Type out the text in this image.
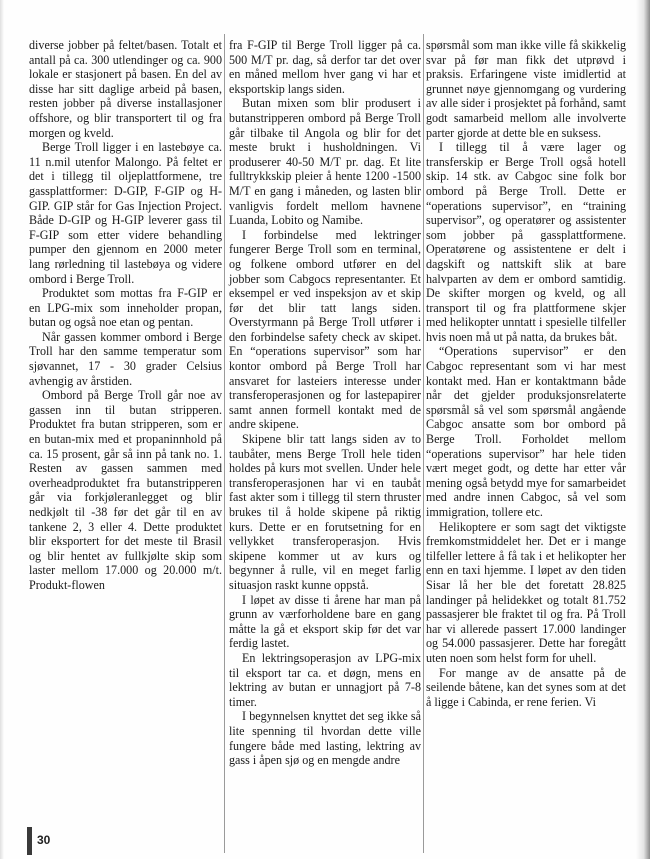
diverse jobber på feltet/basen. Totalt et antall på ca. 300 utlendinger og ca. 900 lokale er stasjonert på basen. En del av disse har sitt daglige arbeid på basen, resten jobber på diverse installasjoner offshore, og blir transportert til og fra morgen og kveld.

Berge Troll ligger i en lastebøye ca. 11 n.mil utenfor Malongo. På feltet er det i tillegg til oljeplattformene, tre gassplattformer: D-GIP, F-GIP og H-GIP. GIP står for Gas Injection Project. Både D-GIP og H-GIP leverer gass til F-GIP som etter videre behandling pumper den gjennom en 2000 meter lang rørledning til lastebøya og videre ombord i Berge Troll.

Produktet som mottas fra F-GIP er en LPG-mix som inneholder propan, butan og også noe etan og pentan.

Når gassen kommer ombord i Berge Troll har den samme temperatur som sjøvannet, 17 - 30 grader Celsius avhengig av årstiden.

Ombord på Berge Troll går noe av gassen inn til butan stripperen. Produktet fra butan stripperen, som er en butan-mix med et propaninnhold på ca. 15 prosent, går så inn på tank no. 1. Resten av gassen sammen med overheadproduktet fra butanstripperen går via forkjøleranlegget og blir nedkjølt til -38 før det går til en av tankene 2, 3 eller 4. Dette produktet blir eksportert for det meste til Brasil og blir hentet av fullkjølte skip som laster mellom 17.000 og 20.000 m/t. Produkt-flowen

fra F-GIP til Berge Troll ligger på ca. 500 M/T pr. dag, så derfor tar det over en måned mellom hver gang vi har et eksportskip langs siden.

Butan mixen som blir produsert i butanstripperen ombord på Berge Troll går tilbake til Angola og blir for det meste brukt i husholdningen. Vi produserer 40-50 M/T pr. dag. Et lite fulltrykkskip pleier å hente 1200 -1500 M/T en gang i måneden, og lasten blir vanligvis fordelt mellom havnene Luanda, Lobito og Namibe.

I forbindelse med lektringer fungerer Berge Troll som en terminal, og folkene ombord utfører en del jobber som Cabgocs representanter. Et eksempel er ved inspeksjon av et skip før det blir tatt langs siden. Overstyrmann på Berge Troll utfører i den forbindelse safety check av skipet. En “operations supervisor” som har kontor ombord på Berge Troll har ansvaret for lasteiers interesse under transferoperasjonen og for lastepapirer samt annen formell kontakt med de andre skipene.

Skipene blir tatt langs siden av to taubåter, mens Berge Troll hele tiden holdes på kurs mot svellen. Under hele transferoperasjonen har vi en taubåt fast akter som i tillegg til stern thruster brukes til å holde skipene på riktig kurs. Dette er en forutsetning for en vellykket transferoperasjon. Hvis skipene kommer ut av kurs og begynner å rulle, vil en meget farlig situasjon raskt kunne oppstå.

I løpet av disse ti årene har man på grunn av værforholdene bare en gang måtte la gå et eksport skip før det var ferdig lastet.

En lektringsoperasjon av LPG-mix til eksport tar ca. et døgn, mens en lektring av butan er unnagjort på 7-8 timer.

I begynnelsen knyttet det seg ikke så lite spenning til hvordan dette ville fungere både med lasting, lektring av gass i åpen sjø og en mengde andre

spørsmål som man ikke ville få skikkelig svar på før man fikk det utprøvd i praksis. Erfaringene viste imidlertid at grunnet nøye gjennomgang og vurdering av alle sider i prosjektet på forhånd, samt godt samarbeid mellom alle involverte parter gjorde at dette ble en suksess.

I tillegg til å være lager og transferskip er Berge Troll også hotell skip. 14 stk. av Cabgoc sine folk bor ombord på Berge Troll. Dette er “operations supervisor”, en “training supervisor”, og operatører og assistenter som jobber på gassplattformene. Operatørene og assistentene er delt i dagskift og nattskift slik at bare halvparten av dem er ombord samtidig. De skifter morgen og kveld, og all transport til og fra plattformene skjer med helikopter unntatt i spesielle tilfeller hvis noen må ut på natta, da brukes båt.

“Operations supervisor” er den Cabgoc representant som vi har mest kontakt med. Han er kontaktmann både når det gjelder produksjonsrelaterte spørsmål så vel som spørsmål angående Cabgoc ansatte som bor ombord på Berge Troll. Forholdet mellom “operations supervisor” har hele tiden vært meget godt, og dette har etter vår mening også betydd mye for samarbeidet med andre innen Cabgoc, så vel som immigration, tollere etc.

Helikoptere er som sagt det viktigste fremkomstmiddelet her. Det er i mange tilfeller lettere å få tak i et helikopter her enn en taxi hjemme. I løpet av den tiden Sisar lå her ble det foretatt 28.825 landinger på helidekket og totalt 81.752 passasjerer ble fraktet til og fra. På Troll har vi allerede passert 17.000 landinger og 54.000 passasjerer. Dette har foregått uten noen som helst form for uhell.

For mange av de ansatte på de seilende båtene, kan det synes som at det å ligge i Cabinda, er rene ferien. Vi

30
